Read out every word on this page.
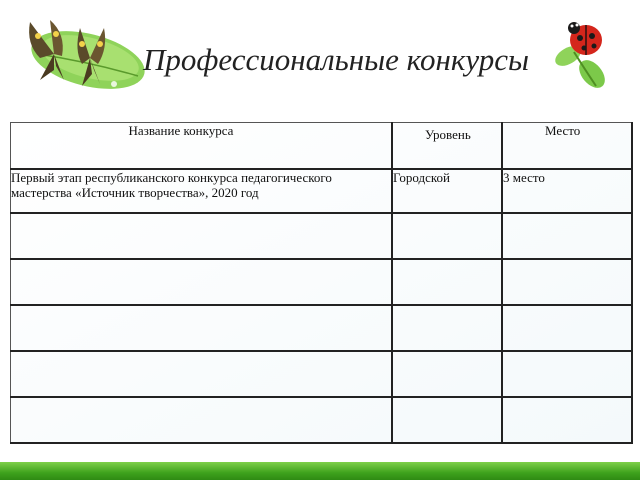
Профессиональные конкурсы
Название конкурса	Уровень	Место

Первый этап республиканского конкурса педагогического мастерства «Источник творчества», 2020 год	Городской	3 место
